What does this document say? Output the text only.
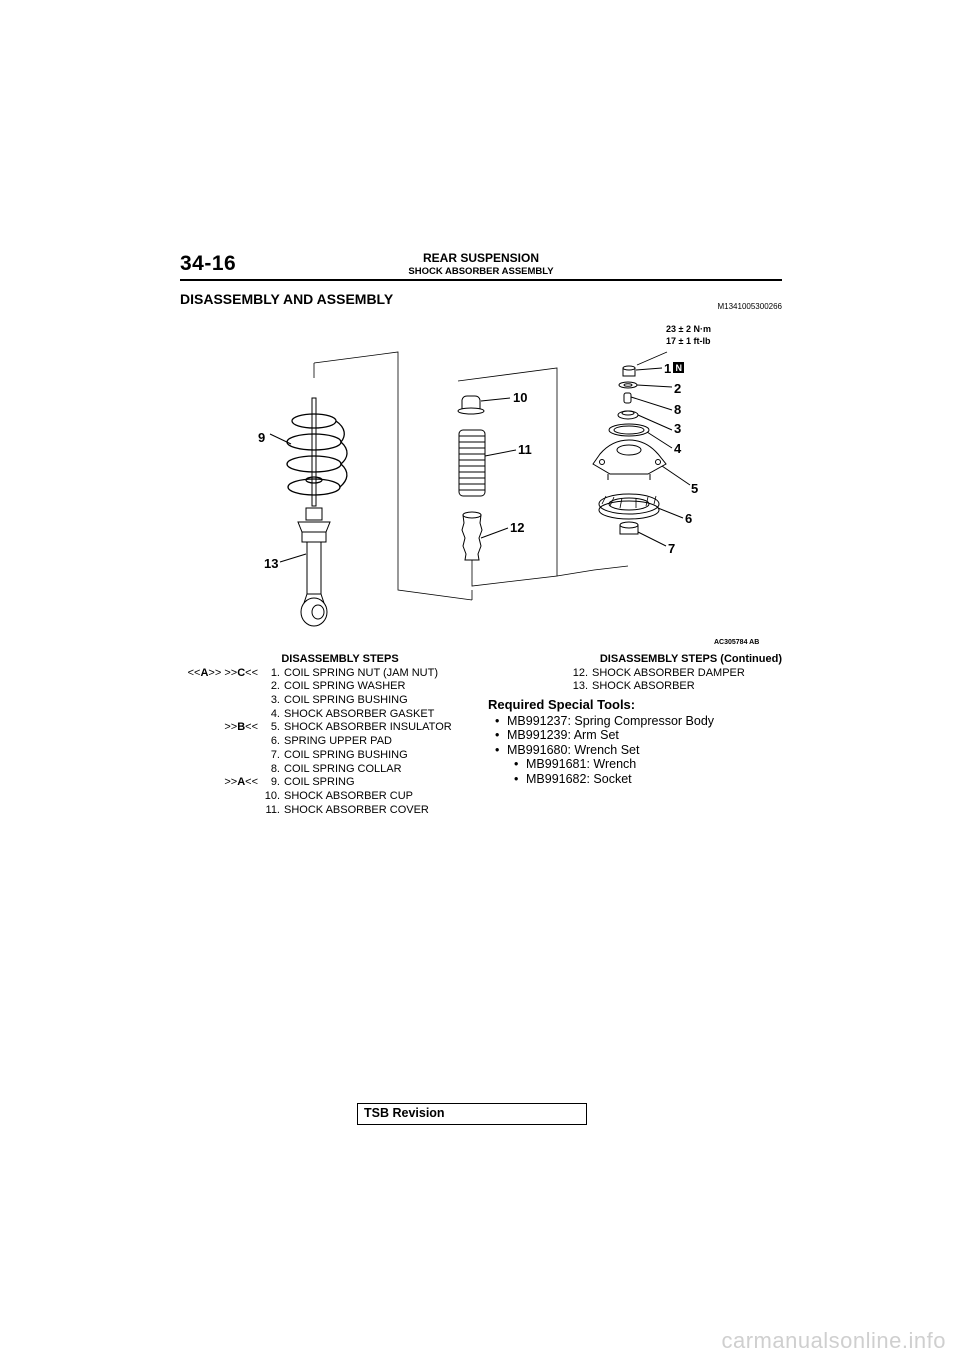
34-16	REAR SUSPENSION
SHOCK ABSORBER ASSEMBLY
DISASSEMBLY AND ASSEMBLY	M1341005300266
23 ± 2 N·m
17 ± 1 ft-lb
1
2
3
4
5
6
7
8
9
10
11
12
13
N
AC305784 AB
DISASSEMBLY STEPS
<<A>> >>C<<	1. COIL SPRING NUT (JAM NUT)
2. COIL SPRING WASHER
3. COIL SPRING BUSHING
4. SHOCK ABSORBER GASKET
>>B<<	5. SHOCK ABSORBER INSULATOR
6. SPRING UPPER PAD
7. COIL SPRING BUSHING
8. COIL SPRING COLLAR
>>A<<	9. COIL SPRING
10. SHOCK ABSORBER CUP
11. SHOCK ABSORBER COVER
DISASSEMBLY STEPS (Continued)
12. SHOCK ABSORBER DAMPER
13. SHOCK ABSORBER
Required Special Tools:
• MB991237: Spring Compressor Body
• MB991239: Arm Set
• MB991680: Wrench Set
• MB991681: Wrench
• MB991682: Socket
TSB Revision
carmanualsonline.info
